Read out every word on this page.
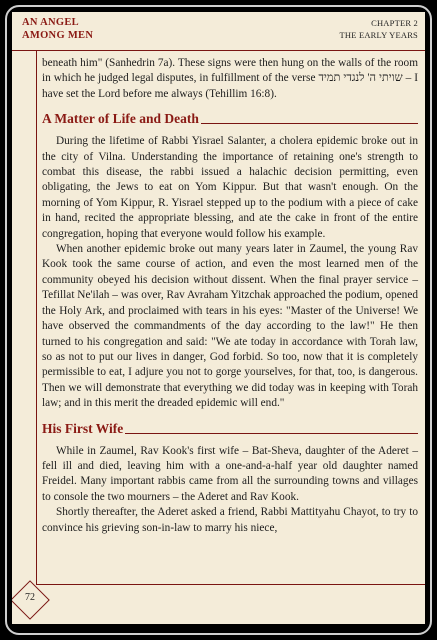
AN ANGEL
AMONG MEN
CHAPTER 2
THE EARLY YEARS
72

beneath him" (Sanhedrin 7a). These signs were then hung on the walls of the room in which he judged legal disputes, in fulfillment of the verse שויתי ה' לנגדי תמיד – I have set the Lord before me always (Tehillim 16:8).

A Matter of Life and Death

During the lifetime of Rabbi Yisrael Salanter, a cholera epidemic broke out in the city of Vilna. Understanding the importance of retaining one's strength to combat this disease, the rabbi issued a halachic decision permitting, even obligating, the Jews to eat on Yom Kippur. But that wasn't enough. On the morning of Yom Kippur, R. Yisrael stepped up to the podium with a piece of cake in hand, recited the appropriate blessing, and ate the cake in front of the entire congregation, hoping that everyone would follow his example.

When another epidemic broke out many years later in Zaumel, the young Rav Kook took the same course of action, and even the most learned men of the community obeyed his decision without dissent. When the final prayer service – Tefillat Ne'ilah – was over, Rav Avraham Yitzchak approached the podium, opened the Holy Ark, and proclaimed with tears in his eyes: "Master of the Universe! We have observed the commandments of the day according to the law!" He then turned to his congregation and said: "We ate today in accordance with Torah law, so as not to put our lives in danger, God forbid. So too, now that it is completely permissible to eat, I adjure you not to gorge yourselves, for that, too, is dangerous. Then we will demonstrate that everything we did today was in keeping with Torah law; and in this merit the dreaded epidemic will end."

His First Wife

While in Zaumel, Rav Kook's first wife – Bat-Sheva, daughter of the Aderet – fell ill and died, leaving him with a one-and-a-half year old daughter named Freidel. Many important rabbis came from all the surrounding towns and villages to console the two mourners – the Aderet and Rav Kook.

Shortly thereafter, the Aderet asked a friend, Rabbi Mattityahu Chayot, to try to convince his grieving son-in-law to marry his niece,
